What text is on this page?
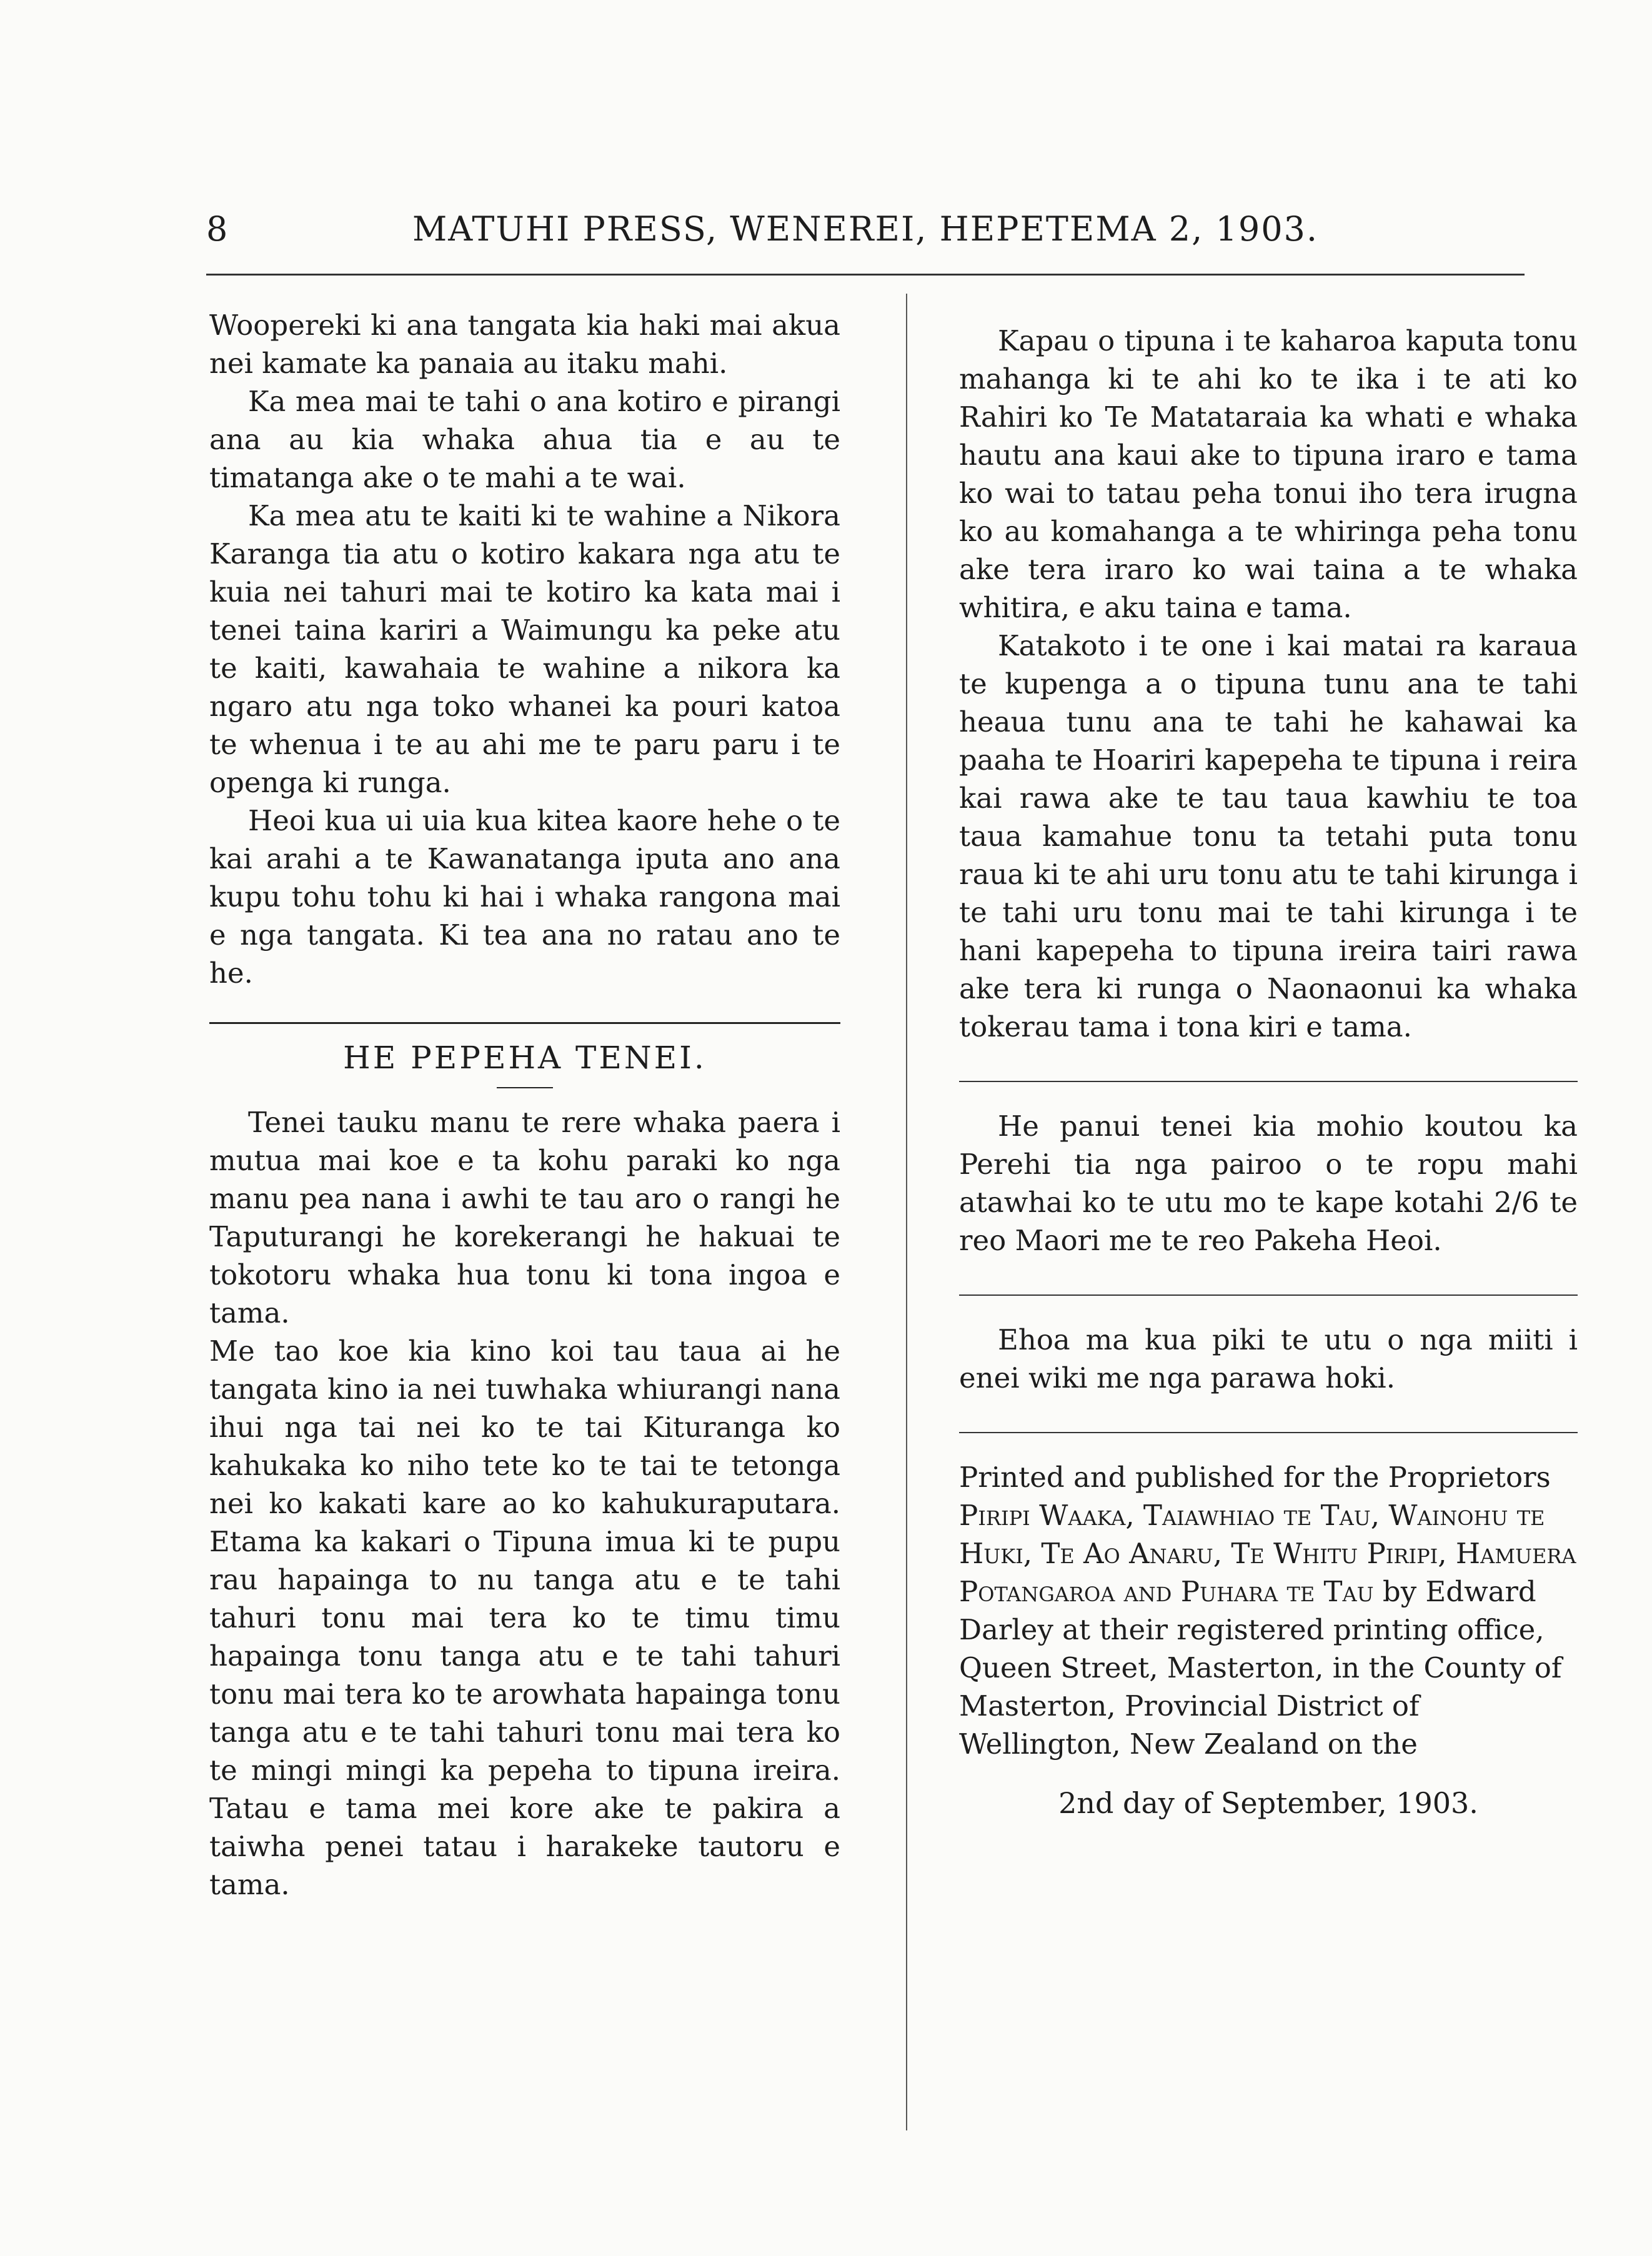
8	MATUHI PRESS, WENEREI, HEPETEMA 2, 1903.

Woopereki ki ana tangata kia haki mai akua nei kamate ka panaia au itaku mahi.

Ka mea mai te tahi o ana kotiro e pirangi ana au kia whaka ahua tia e au te timatanga ake o te mahi a te wai.

Ka mea atu te kaiti ki te wahine a Nikora Karanga tia atu o kotiro kakara nga atu te kuia nei tahuri mai te kotiro ka kata mai i tenei taina kariri a Waimungu ka peke atu te kaiti, kawahaia te wahine a nikora ka ngaro atu nga toko whanei ka pouri katoa te whenua i te au ahi me te paru paru i te openga ki runga.

Heoi kua ui uia kua kitea kaore hehe o te kai arahi a te Kawanatanga iputa ano ana kupu tohu tohu ki hai i whaka rangona mai e nga tangata. Ki tea ana no ratau ano te he.

HE PEPEHA TENEI.

Tenei tauku manu te rere whaka paera i mutua mai koe e ta kohu paraki ko nga manu pea nana i awhi te tau aro o rangi he Taputurangi he korekerangi he hakuai te tokotoru whaka hua tonu ki tona ingoa e tama.

Me tao koe kia kino koi tau taua ai he tangata kino ia nei tuwhaka whiurangi nana ihui nga tai nei ko te tai Kituranga ko kahukaka ko niho tete ko te tai te tetonga nei ko kakati kare ao ko kahukuraputara. Etama ka kakari o Tipuna imua ki te pupu rau hapainga to nu tanga atu e te tahi tahuri tonu mai tera ko te timu timu hapainga tonu tanga atu e te tahi tahuri tonu mai tera ko te arowhata hapainga tonu tanga atu e te tahi tahuri tonu mai tera ko te mingi mingi ka pepeha to tipuna ireira. Tatau e tama mei kore ake te pakira a taiwha penei tatau i harakeke tautoru e tama.

Kapau o tipuna i te kaharoa kaputa tonu mahanga ki te ahi ko te ika i te ati ko Rahiri ko Te Matataraia ka whati e whaka hautu ana kaui ake to tipuna iraro e tama ko wai to tatau peha tonui iho tera irugna ko au komahanga a te whiringa peha tonu ake tera iraro ko wai taina a te whaka whitira, e aku taina e tama.

Katakoto i te one i kai matai ra karaua te kupenga a o tipuna tunu ana te tahi heaua tunu ana te tahi he kahawai ka paaha te Hoariri kapepeha te tipuna i reira kai rawa ake te tau taua kawhiu te toa taua kamahue tonu ta tetahi puta tonu raua ki te ahi uru tonu atu te tahi kirunga i te tahi uru tonu mai te tahi kirunga i te hani kapepeha to tipuna ireira tairi rawa ake tera ki runga o Naonaonui ka whaka tokerau tama i tona kiri e tama.

He panui tenei kia mohio koutou ka Perehi tia nga pairoo o te ropu mahi atawhai ko te utu mo te kape kotahi 2/6 te reo Maori me te reo Pakeha Heoi.

Ehoa ma kua piki te utu o nga miiti i enei wiki me nga parawa hoki.

Printed and published for the Proprietors Piripi Waaka, Taiawhiao te Tau, Wainohu te Huki, Te Ao Anaru, Te Whitu Piripi, Hamuera Potangaroa and Puhara te Tau by Edward Darley at their registered printing office, Queen Street, Masterton, in the County of Masterton, Provincial District of Wellington, New Zealand on the

2nd day of September, 1903.
